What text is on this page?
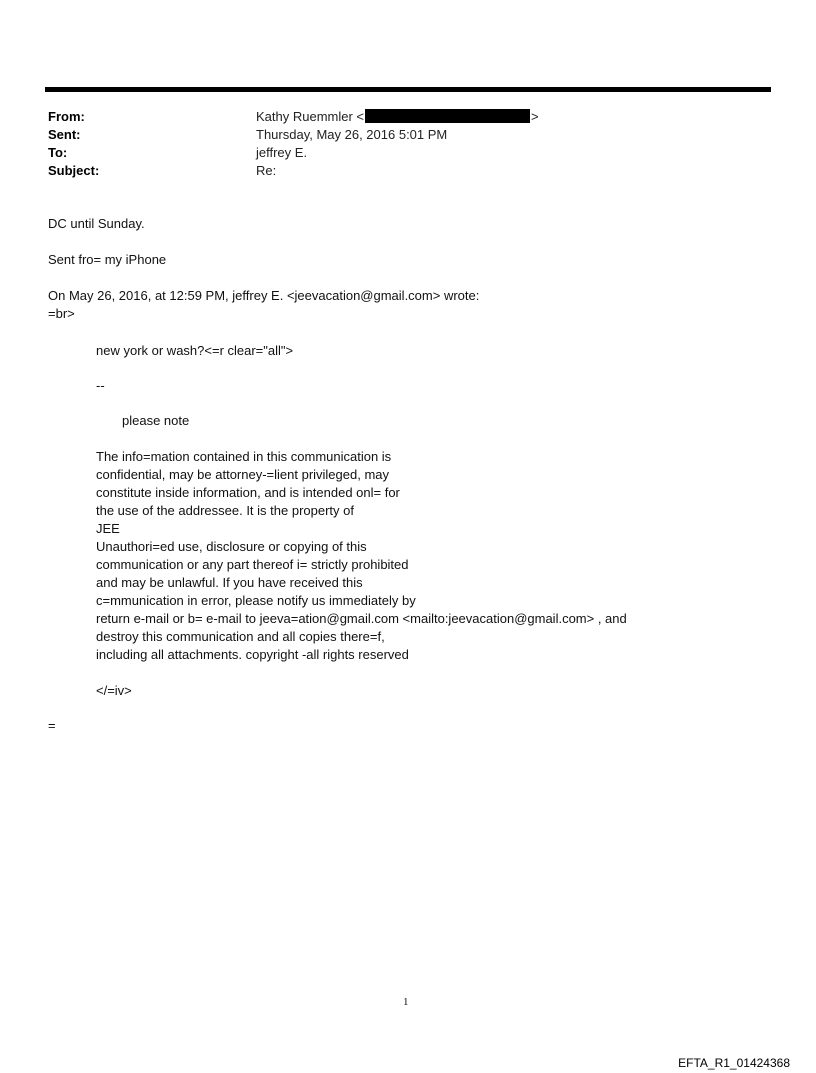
From:	Kathy Ruemmler <	>
Sent:	Thursday, May 26, 2016 5:01 PM
To:	jeffrey E.
Subject:	Re:
DC until Sunday.
Sent fro= my iPhone
On May 26, 2016, at 12:59 PM, jeffrey E. <jeevacation@gmail.com> wrote:
=br>
new york or wash?<=r clear="all">
--
please note
The info=mation contained in this communication is
confidential, may be attorney-=lient privileged, may
constitute inside information, and is intended onl= for
the use of the addressee. It is the property of
JEE
Unauthori=ed use, disclosure or copying of this
communication or any part thereof i= strictly prohibited
and may be unlawful. If you have received this
c=mmunication in error, please notify us immediately by
return e-mail or b= e-mail to jeeva=ation@gmail.com <mailto:jeevacation@gmail.com> , and
destroy this communication and all copies there=f,
including all attachments. copyright -all rights reserved
</=iv>
=
1
EFTA_R1_01424368
